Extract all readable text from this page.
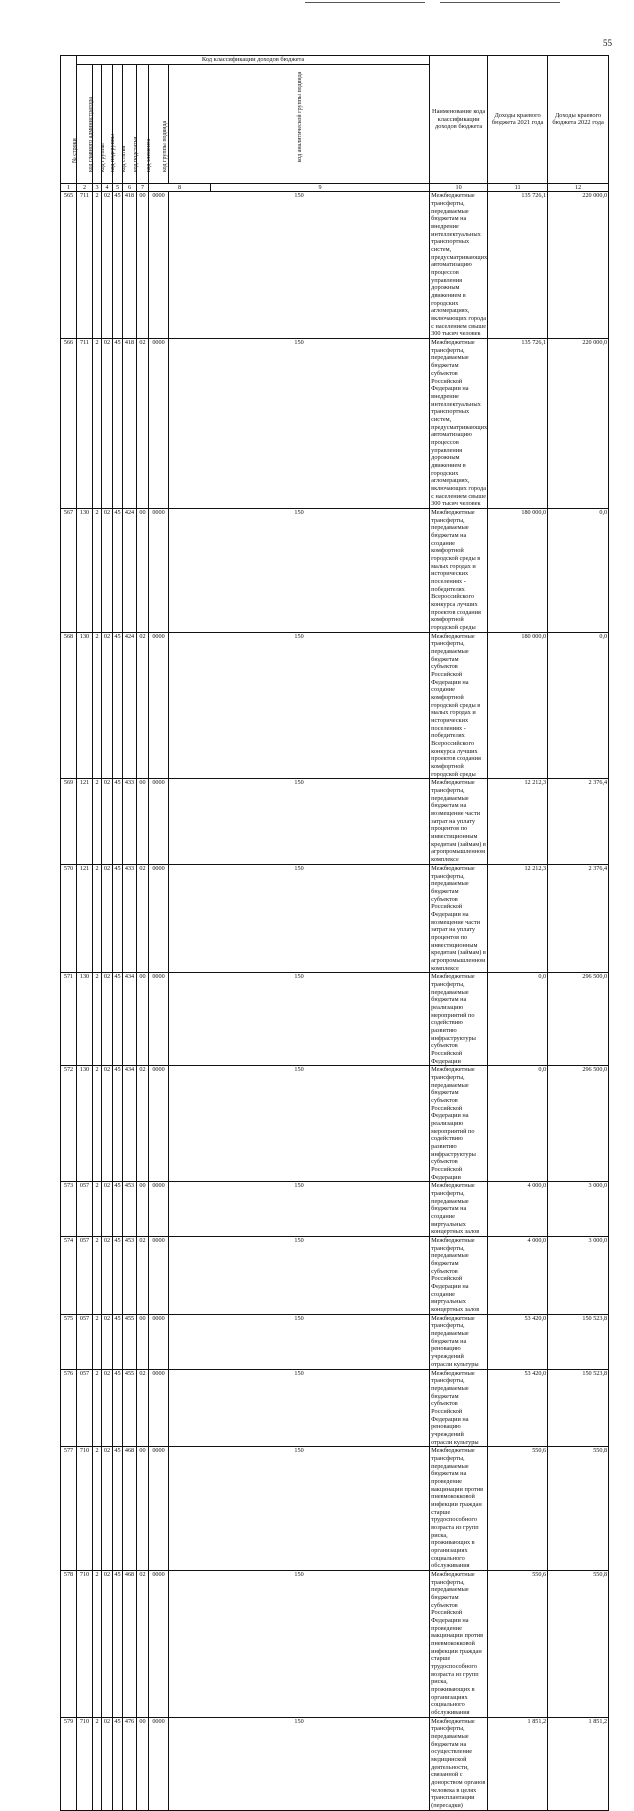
55
№ строки	Код классификации доходов бюджета									Наименование кода классификации доходов бюджета	Доходы краевого бюджета 2021 года	Доходы краевого бюджета 2022 года	

	код главного администратора	код группы	код подгруппы	код статьи	код подстатьи	код элемента	код группы подвида	код аналитической группы подвида					

1	2	3	4	5	6	7	8		9	10	11	12	
565	711	2	02	45	418	00	0000	150		Межбюджетные трансферты, передаваемые бюджетам на внедрение интеллектуальных транспортных систем, предусматривающих автоматизацию процессов управления дорожным движением в городских агломерациях, включающих города с населением свыше 300 тысяч человек	135 726,1	220 000,0	
566	711	2	02	45	418	02	0000	150		Межбюджетные трансферты, передаваемые бюджетам субъектов Российской Федерации на внедрение интеллектуальных транспортных систем, предусматривающих автоматизацию процессов управления дорожным движением в городских агломерациях, включающих города с населением свыше 300 тысяч человек	135 726,1	220 000,0	
567	130	2	02	45	424	00	0000	150		Межбюджетные трансферты, передаваемые бюджетам на создание комфортной городской среды в малых городах и исторических поселениях - победителях Всероссийского конкурса лучших проектов создания комфортной городской среды	180 000,0	0,0	
568	130	2	02	45	424	02	0000	150		Межбюджетные трансферты, передаваемые бюджетам субъектов Российской Федерации на создание комфортной городской среды в малых городах и исторических поселениях - победителях Всероссийского конкурса лучших проектов создания комфортной городской среды	180 000,0	0,0	
569	121	2	02	45	433	00	0000	150		Межбюджетные трансферты, передаваемые бюджетам на возмещение части затрат на уплату процентов по инвестиционным кредитам (займам) в агропромышленном комплексе	12 212,3	2 376,4	
570	121	2	02	45	433	02	0000	150		Межбюджетные трансферты, передаваемые бюджетам субъектов Российской Федерации на возмещение части затрат на уплату процентов по инвестиционным кредитам (займам) в агропромышленном комплексе	12 212,3	2 376,4	
571	130	2	02	45	434	00	0000	150		Межбюджетные трансферты, передаваемые бюджетам на реализацию мероприятий по содействию развитию инфраструктуры субъектов Российской Федерации	0,0	296 500,0	
572	130	2	02	45	434	02	0000	150		Межбюджетные трансферты, передаваемые бюджетам субъектов Российской Федерации на реализацию мероприятий по содействию развитию инфраструктуры субъектов Российской Федерации	0,0	296 500,0	
573	057	2	02	45	453	00	0000	150		Межбюджетные трансферты, передаваемые бюджетам на создание виртуальных концертных залов	4 000,0	3 000,0	
574	057	2	02	45	453	02	0000	150		Межбюджетные трансферты, передаваемые бюджетам субъектов Российской Федерации на создание виртуальных концертных залов	4 000,0	3 000,0	
575	057	2	02	45	455	00	0000	150		Межбюджетные трансферты, передаваемые бюджетам на реновацию учреждений отрасли культуры	53 420,0	150 523,8	
576	057	2	02	45	455	02	0000	150		Межбюджетные трансферты, передаваемые бюджетам субъектов Российской Федерации на реновацию учреждений отрасли культуры	53 420,0	150 523,8	
577	710	2	02	45	468	00	0000	150		Межбюджетные трансферты, передаваемые бюджетам на проведение вакцинации против пневмококковой инфекции граждан старше трудоспособного возраста из групп риска, проживающих в организациях социального обслуживания	550,6	550,8	
578	710	2	02	45	468	02	0000	150		Межбюджетные трансферты, передаваемые бюджетам субъектов Российской Федерации на проведение вакцинации против пневмококковой инфекции граждан старше трудоспособного возраста из групп риска, проживающих в организациях социального обслуживания	550,6	550,8	
579	710	2	02	45	476	00	0000	150		Межбюджетные трансферты, передаваемые бюджетам на осуществление медицинской деятельности, связанной с донорством органов человека в целях трансплантации (пересадки)	1 851,2	1 851,2	
